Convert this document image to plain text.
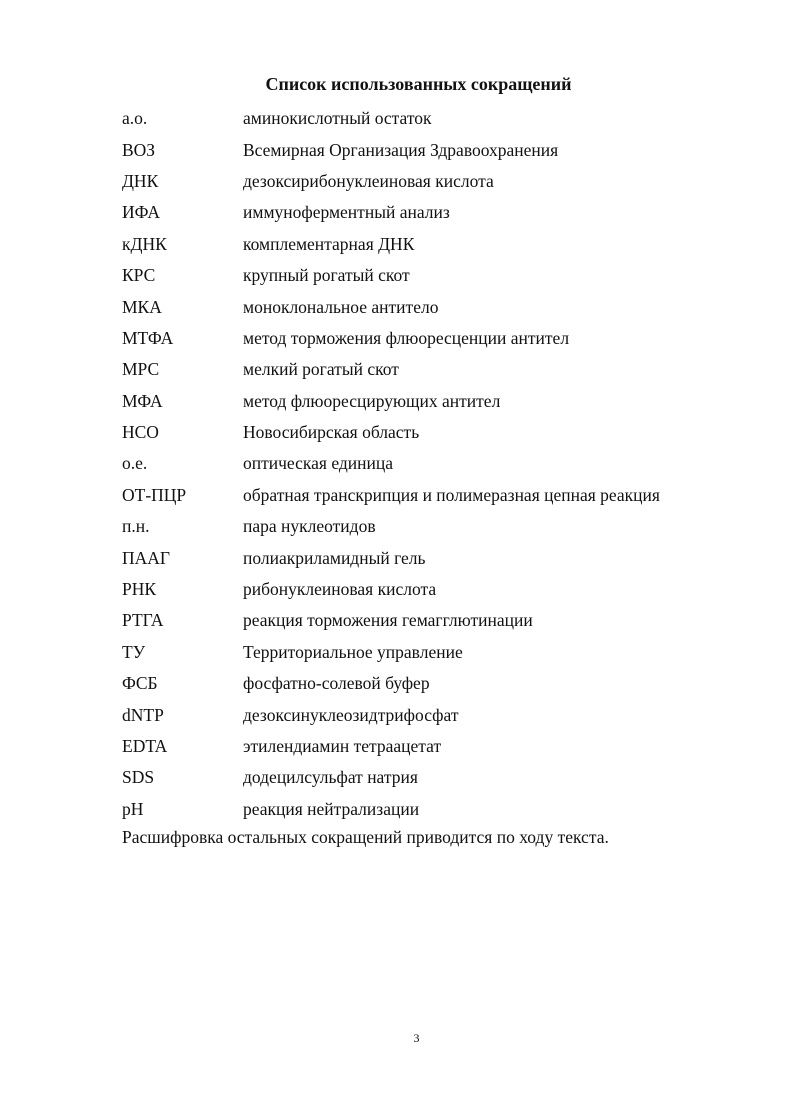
Список использованных сокращений
а.о.	аминокислотный остаток
ВОЗ	Всемирная Организация Здравоохранения
ДНК	дезоксирибонуклеиновая кислота
ИФА	иммуноферментный анализ
кДНК	комплементарная ДНК
КРС	крупный рогатый скот
МКА	моноклональное антитело
МТФА	метод торможения флюоресценции антител
МРС	мелкий рогатый скот
МФА	метод флюоресцирующих антител
НСО	Новосибирская область
о.е.	оптическая единица
ОТ-ПЦР	обратная транскрипция и полимеразная цепная реакция
п.н.	пара нуклеотидов
ПААГ	полиакриламидный гель
РНК	рибонуклеиновая кислота
РТГА	реакция торможения гемагглютинации
ТУ	Территориальное управление
ФСБ	фосфатно-солевой буфер
dNTP	дезоксинуклеозидтрифосфат
EDTA	этилендиамин тетраацетат
SDS	додецилсульфат натрия
pH	реакция нейтрализации
Расшифровка остальных сокращений приводится по ходу текста.
3
